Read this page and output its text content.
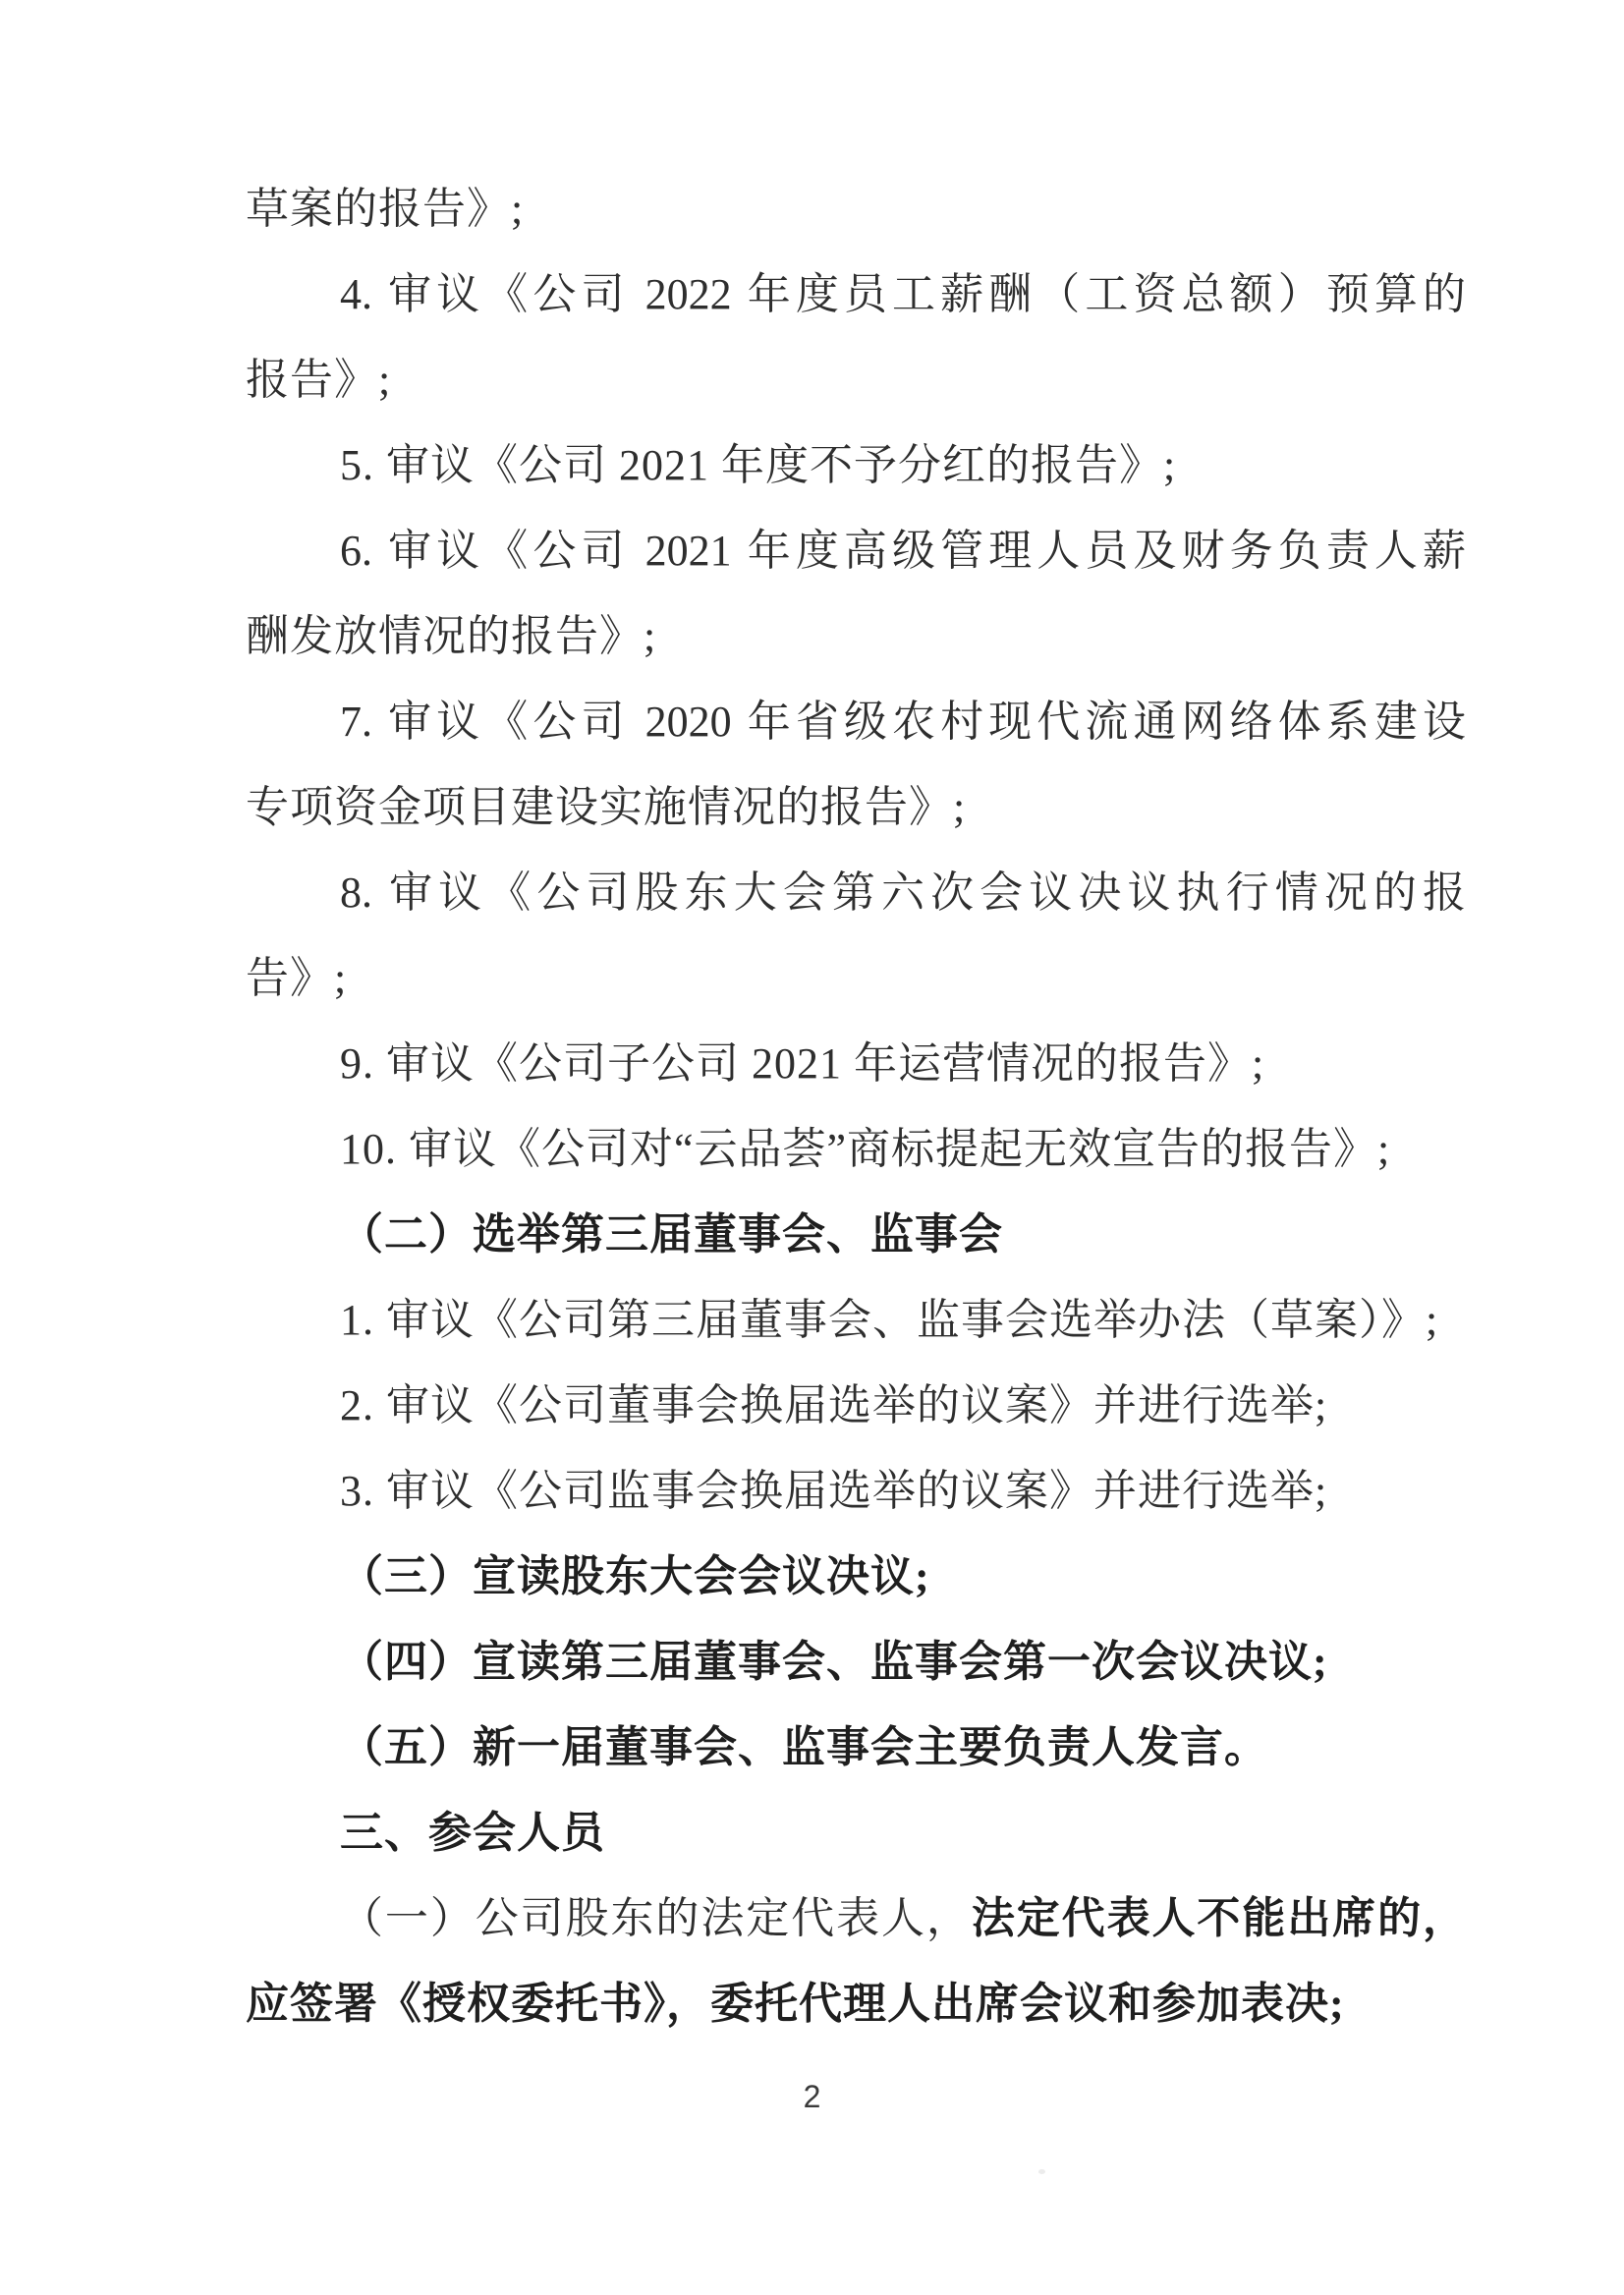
草案的报告》;
4. 审议《公司 2022 年度员工薪酬（工资总额）预算的
报告》;
5. 审议《公司 2021 年度不予分红的报告》;
6. 审议《公司 2021 年度高级管理人员及财务负责人薪
酬发放情况的报告》;
7. 审议《公司 2020 年省级农村现代流通网络体系建设
专项资金项目建设实施情况的报告》;
8. 审议《公司股东大会第六次会议决议执行情况的报
告》;
9. 审议《公司子公司 2021 年运营情况的报告》;
10. 审议《公司对“云品荟”商标提起无效宣告的报告》;
（二）选举第三届董事会、监事会
1. 审议《公司第三届董事会、监事会选举办法（草案）》;
2. 审议《公司董事会换届选举的议案》并进行选举;
3. 审议《公司监事会换届选举的议案》并进行选举;
（三）宣读股东大会会议决议;
（四）宣读第三届董事会、监事会第一次会议决议;
（五）新一届董事会、监事会主要负责人发言。
三、参会人员
（一）公司股东的法定代表人，法定代表人不能出席的，
应签署《授权委托书》，委托代理人出席会议和参加表决;
2
